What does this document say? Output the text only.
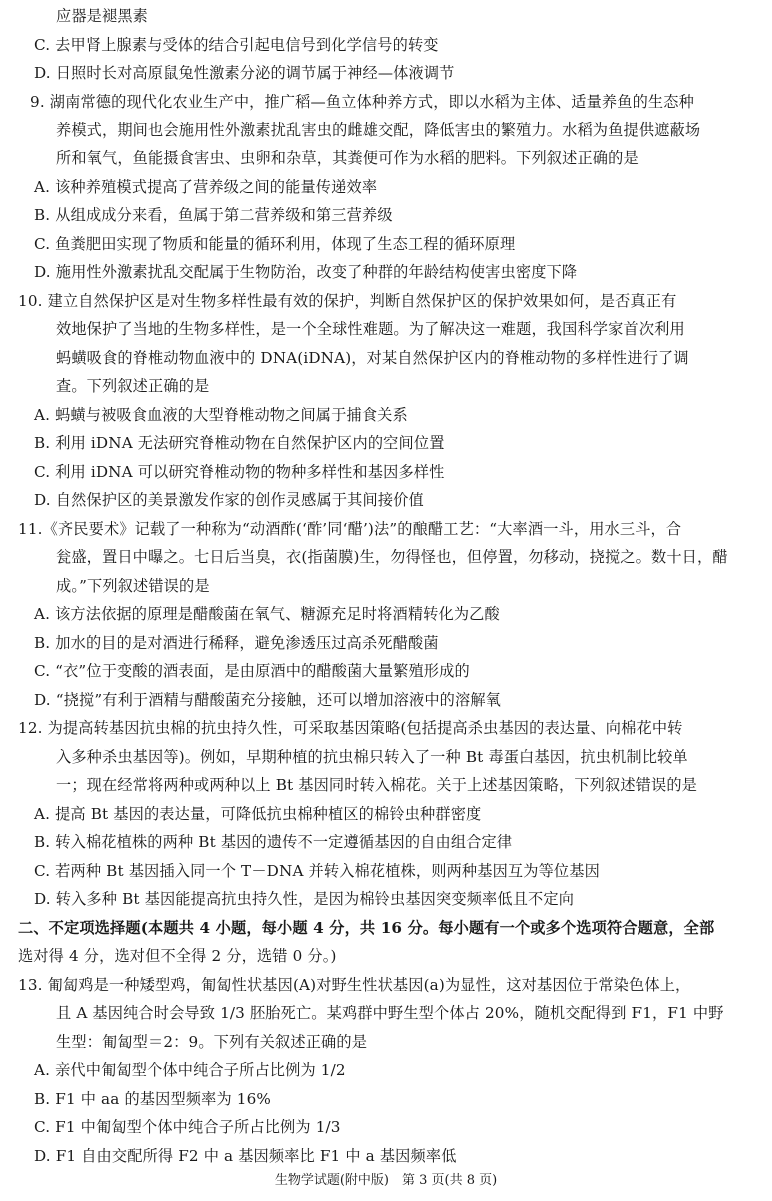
应器是褪黑素
C. 去甲肾上腺素与受体的结合引起电信号到化学信号的转变
D. 日照时长对高原鼠兔性激素分泌的调节属于神经—体液调节
9. 湖南常德的现代化农业生产中，推广稻—鱼立体种养方式，即以水稻为主体、适量养鱼的生态种
养模式，期间也会施用性外激素扰乱害虫的雌雄交配，降低害虫的繁殖力。水稻为鱼提供遮蔽场
所和氧气，鱼能摄食害虫、虫卵和杂草，其粪便可作为水稻的肥料。下列叙述正确的是
A. 该种养殖模式提高了营养级之间的能量传递效率
B. 从组成成分来看，鱼属于第二营养级和第三营养级
C. 鱼粪肥田实现了物质和能量的循环利用，体现了生态工程的循环原理
D. 施用性外激素扰乱交配属于生物防治，改变了种群的年龄结构使害虫密度下降
10. 建立自然保护区是对生物多样性最有效的保护，判断自然保护区的保护效果如何，是否真正有
效地保护了当地的生物多样性，是一个全球性难题。为了解决这一难题，我国科学家首次利用
蚂蟥吸食的脊椎动物血液中的 DNA(iDNA)，对某自然保护区内的脊椎动物的多样性进行了调
查。下列叙述正确的是
A. 蚂蟥与被吸食血液的大型脊椎动物之间属于捕食关系
B. 利用 iDNA 无法研究脊椎动物在自然保护区内的空间位置
C. 利用 iDNA 可以研究脊椎动物的物种多样性和基因多样性
D. 自然保护区的美景激发作家的创作灵感属于其间接价值
11.《齐民要术》记载了一种称为“动酒酢(‘酢’同‘醋’)法”的酿醋工艺：“大率酒一斗，用水三斗，合
瓮盛，置日中曝之。七日后当臭，衣(指菌膜)生，勿得怪也，但停置，勿移动，挠搅之。数十日，醋
成。”下列叙述错误的是
A. 该方法依据的原理是醋酸菌在氧气、糖源充足时将酒精转化为乙酸
B. 加水的目的是对酒进行稀释，避免渗透压过高杀死醋酸菌
C. “衣”位于变酸的酒表面，是由原酒中的醋酸菌大量繁殖形成的
D. “挠搅”有利于酒精与醋酸菌充分接触，还可以增加溶液中的溶解氧
12. 为提高转基因抗虫棉的抗虫持久性，可采取基因策略(包括提高杀虫基因的表达量、向棉花中转
入多种杀虫基因等)。例如，早期种植的抗虫棉只转入了一种 Bt 毒蛋白基因，抗虫机制比较单
一；现在经常将两种或两种以上 Bt 基因同时转入棉花。关于上述基因策略，下列叙述错误的是
A. 提高 Bt 基因的表达量，可降低抗虫棉种植区的棉铃虫种群密度
B. 转入棉花植株的两种 Bt 基因的遗传不一定遵循基因的自由组合定律
C. 若两种 Bt 基因插入同一个 T－DNA 并转入棉花植株，则两种基因互为等位基因
D. 转入多种 Bt 基因能提高抗虫持久性，是因为棉铃虫基因突变频率低且不定向
二、不定项选择题(本题共 4 小题，每小题 4 分，共 16 分。每小题有一个或多个选项符合题意，全部
选对得 4 分，选对但不全得 2 分，选错 0 分。)
13. 匍匐鸡是一种矮型鸡，匍匐性状基因(A)对野生性状基因(a)为显性，这对基因位于常染色体上，
且 A 基因纯合时会导致 1/3 胚胎死亡。某鸡群中野生型个体占 20%，随机交配得到 F1，F1 中野
生型：匍匐型＝2：9。下列有关叙述正确的是
A. 亲代中匍匐型个体中纯合子所占比例为 1/2
B. F1 中 aa 的基因型频率为 16%
C. F1 中匍匐型个体中纯合子所占比例为 1/3
D. F1 自由交配所得 F2 中 a 基因频率比 F1 中 a 基因频率低
生物学试题(附中版)　第 3 页(共 8 页)
